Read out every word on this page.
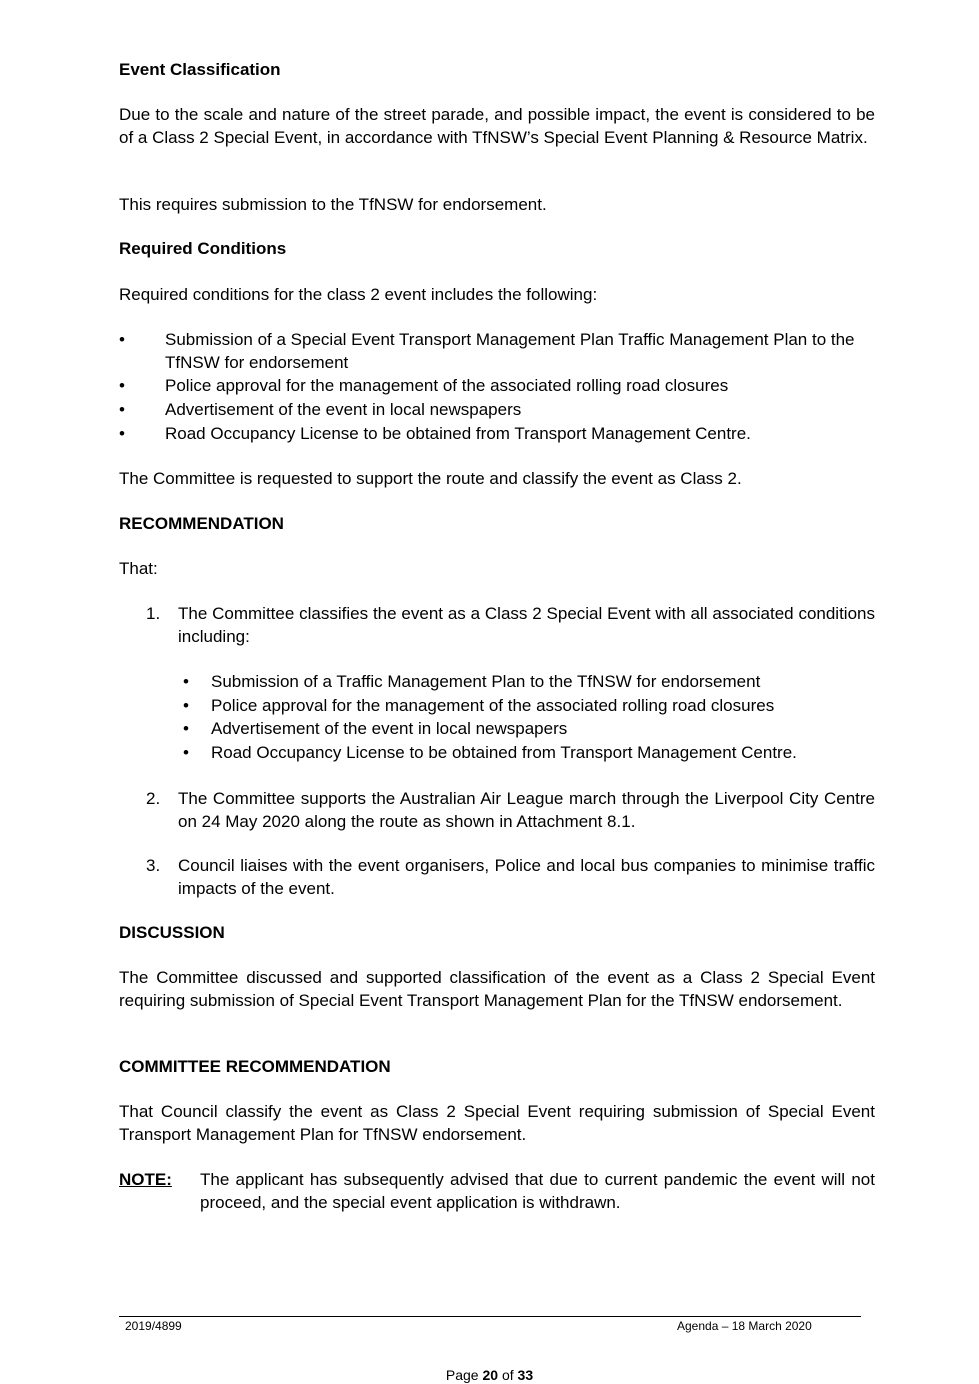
Event Classification
Due to the scale and nature of the street parade, and possible impact, the event is considered to be of a Class 2 Special Event, in accordance with TfNSW’s Special Event Planning & Resource Matrix.
This requires submission to the TfNSW for endorsement.
Required Conditions
Required conditions for the class 2 event includes the following:
• Submission of a Special Event Transport Management Plan Traffic Management Plan to the TfNSW for endorsement
• Police approval for the management of the associated rolling road closures
• Advertisement of the event in local newspapers
• Road Occupancy License to be obtained from Transport Management Centre.
The Committee is requested to support the route and classify the event as Class 2.
RECOMMENDATION
That:
1. The Committee classifies the event as a Class 2 Special Event with all associated conditions including:
• Submission of a Traffic Management Plan to the TfNSW for endorsement
• Police approval for the management of the associated rolling road closures
• Advertisement of the event in local newspapers
• Road Occupancy License to be obtained from Transport Management Centre.
2. The Committee supports the Australian Air League march through the Liverpool City Centre on 24 May 2020 along the route as shown in Attachment 8.1.
3. Council liaises with the event organisers, Police and local bus companies to minimise traffic impacts of the event.
DISCUSSION
The Committee discussed and supported classification of the event as a Class 2 Special Event requiring submission of Special Event Transport Management Plan for the TfNSW endorsement.
COMMITTEE RECOMMENDATION
That Council classify the event as Class 2 Special Event requiring submission of Special Event Transport Management Plan for TfNSW endorsement.
NOTE: The applicant has subsequently advised that due to current pandemic the event will not proceed, and the special event application is withdrawn.
2019/4899	Agenda – 18 March 2020
Page 20 of 33
